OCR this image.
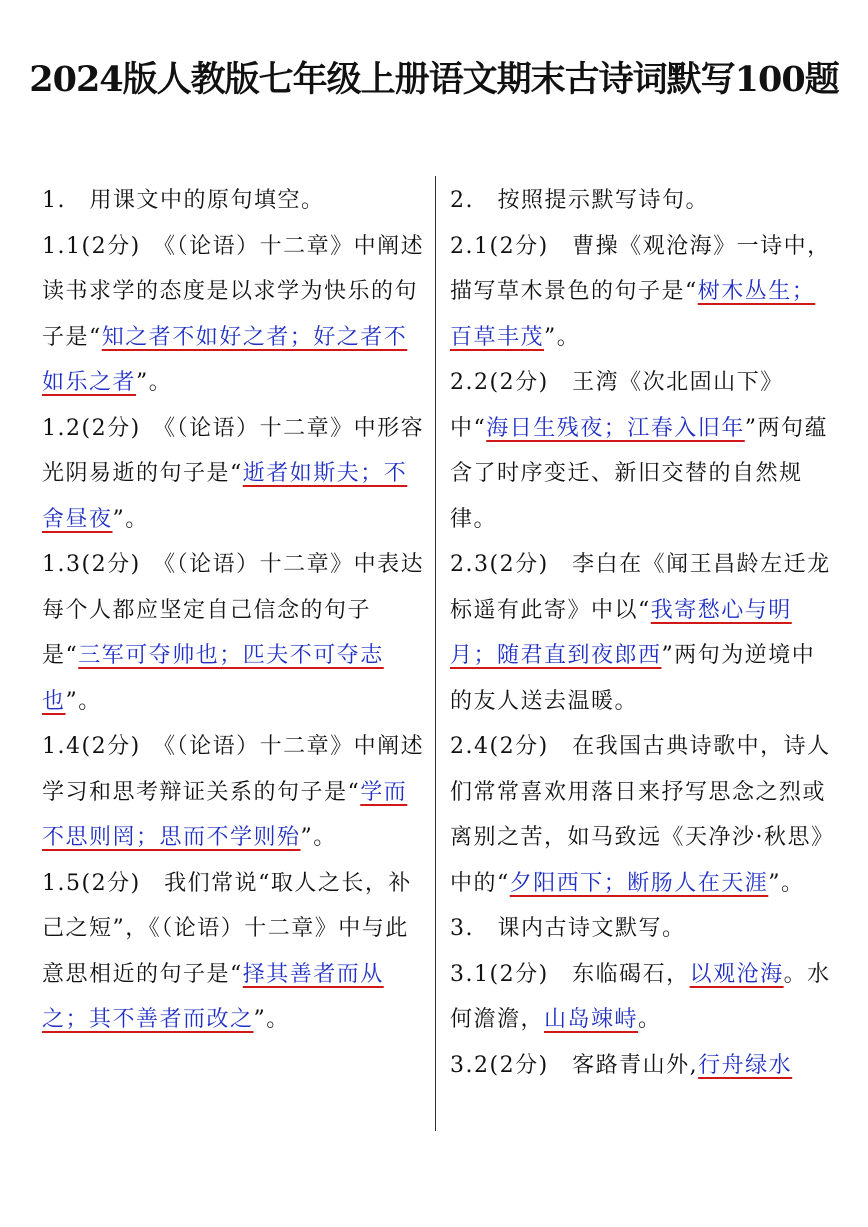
2024版人教版七年级上册语文期末古诗词默写100题

1.　用课文中的原句填空。

1.1(2分)　《（论语）十二章》中阐述读书求学的态度是以求学为快乐的句子是“知之者不如好之者；好之者不如乐之者”。

1.2(2分)　《（论语）十二章》中形容光阴易逝的句子是“逝者如斯夫；不舍昼夜”。

1.3(2分)　《（论语）十二章》中表达每个人都应坚定自己信念的句子是“三军可夺帅也；匹夫不可夺志也”。

1.4(2分)　《（论语）十二章》中阐述学习和思考辩证关系的句子是“学而不思则罔；思而不学则殆”。

1.5(2分)　我们常说“取人之长，补己之短”，《（论语）十二章》中与此意思相近的句子是“择其善者而从之；其不善者而改之”。

2.　按照提示默写诗句。

2.1(2分)　曹操《观沧海》一诗中，描写草木景色的句子是“树木丛生；百草丰茂”。

2.2(2分)　王湾《次北固山下》中“海日生残夜；江春入旧年”两句蕴含了时序变迁、新旧交替的自然规律。

2.3(2分)　李白在《闻王昌龄左迁龙标遥有此寄》中以“我寄愁心与明月；随君直到夜郎西”两句为逆境中的友人送去温暖。

2.4(2分)　在我国古典诗歌中，诗人们常常喜欢用落日来抒写思念之烈或离别之苦，如马致远《天净沙·秋思》中的“夕阳西下；断肠人在天涯”。

3.　课内古诗文默写。

3.1(2分)　东临碣石，以观沧海。水何澹澹，山岛竦峙。

3.2(2分)　客路青山外,行舟绿水
